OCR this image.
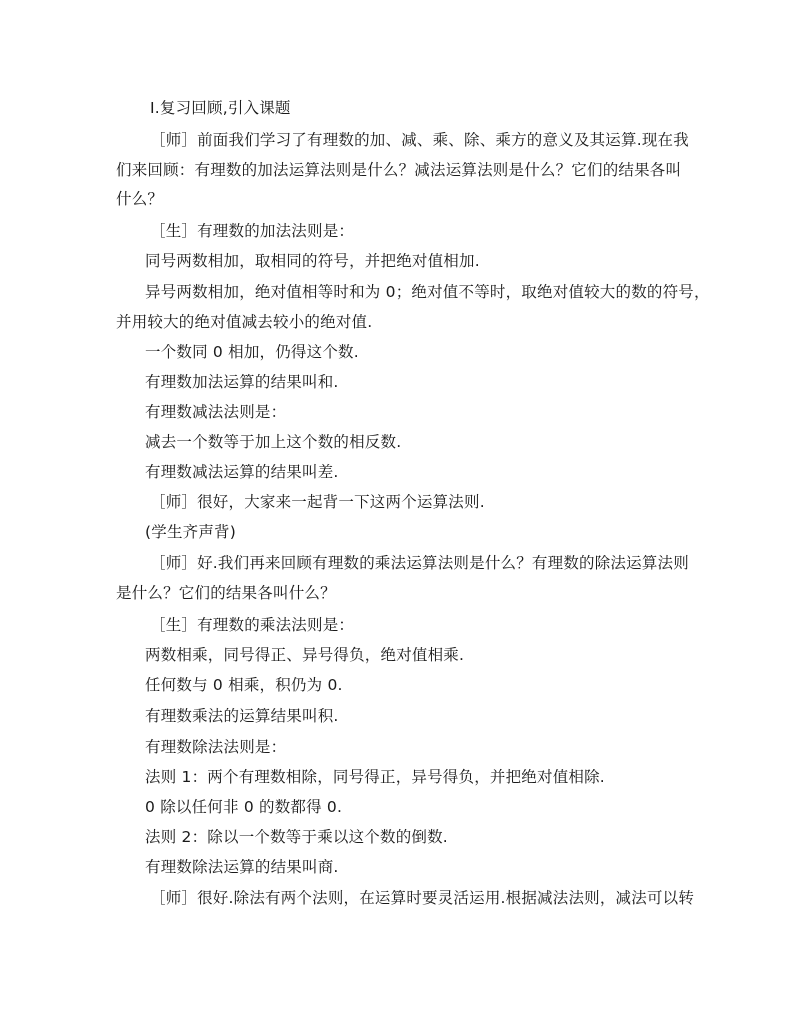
Ⅰ.复习回顾,引入课题

［师］前面我们学习了有理数的加、减、乘、除、乘方的意义及其运算.现在我

们来回顾：有理数的加法运算法则是什么？减法运算法则是什么？它们的结果各叫

什么？

［生］有理数的加法法则是：

同号两数相加，取相同的符号，并把绝对值相加.

异号两数相加，绝对值相等时和为 0；绝对值不等时，取绝对值较大的数的符号，

并用较大的绝对值减去较小的绝对值.

一个数同 0 相加，仍得这个数.

有理数加法运算的结果叫和.

有理数减法法则是：

减去一个数等于加上这个数的相反数.

有理数减法运算的结果叫差.

［师］很好，大家来一起背一下这两个运算法则.

(学生齐声背)

［师］好.我们再来回顾有理数的乘法运算法则是什么？有理数的除法运算法则

是什么？它们的结果各叫什么？

［生］有理数的乘法法则是：

两数相乘，同号得正、异号得负，绝对值相乘.

任何数与 0 相乘，积仍为 0.

有理数乘法的运算结果叫积.

有理数除法法则是：

法则 1：两个有理数相除，同号得正，异号得负，并把绝对值相除.

0 除以任何非 0 的数都得 0.

法则 2：除以一个数等于乘以这个数的倒数.

有理数除法运算的结果叫商.

［师］很好.除法有两个法则，在运算时要灵活运用.根据减法法则，减法可以转
